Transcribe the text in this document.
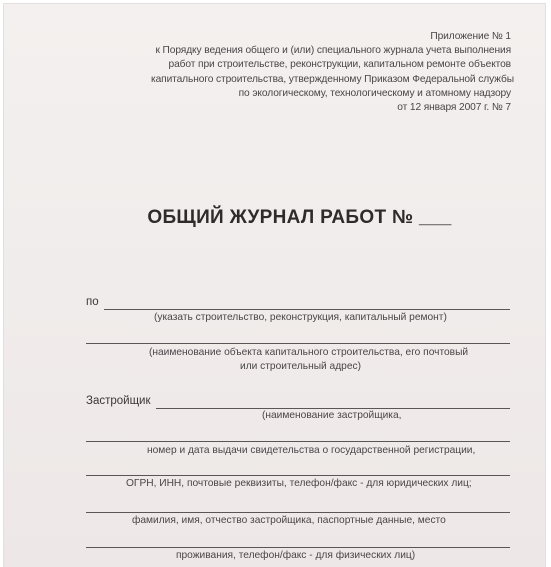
Приложение № 1
к Порядку ведения общего и (или) специального журнала учета выполнения
работ при строительстве, реконструкции, капитальном ремонте объектов
капитального строительства, утвержденному Приказом Федеральной службы
по экологическому, технологическому и атомному надзору
от 12 января 2007 г. № 7
ОБЩИЙ ЖУРНАЛ РАБОТ № ___
по
(указать строительство, реконструкция, капитальный ремонт)
(наименование объекта капитального строительства, его почтовый
или строительный адрес)
Застройщик
(наименование застройщика,
номер и дата выдачи свидетельства о государственной регистрации,
ОГРН, ИНН, почтовые реквизиты, телефон/факс - для юридических лиц;
фамилия, имя, отчество застройщика, паспортные данные, место
проживания, телефон/факс - для физических лиц)
